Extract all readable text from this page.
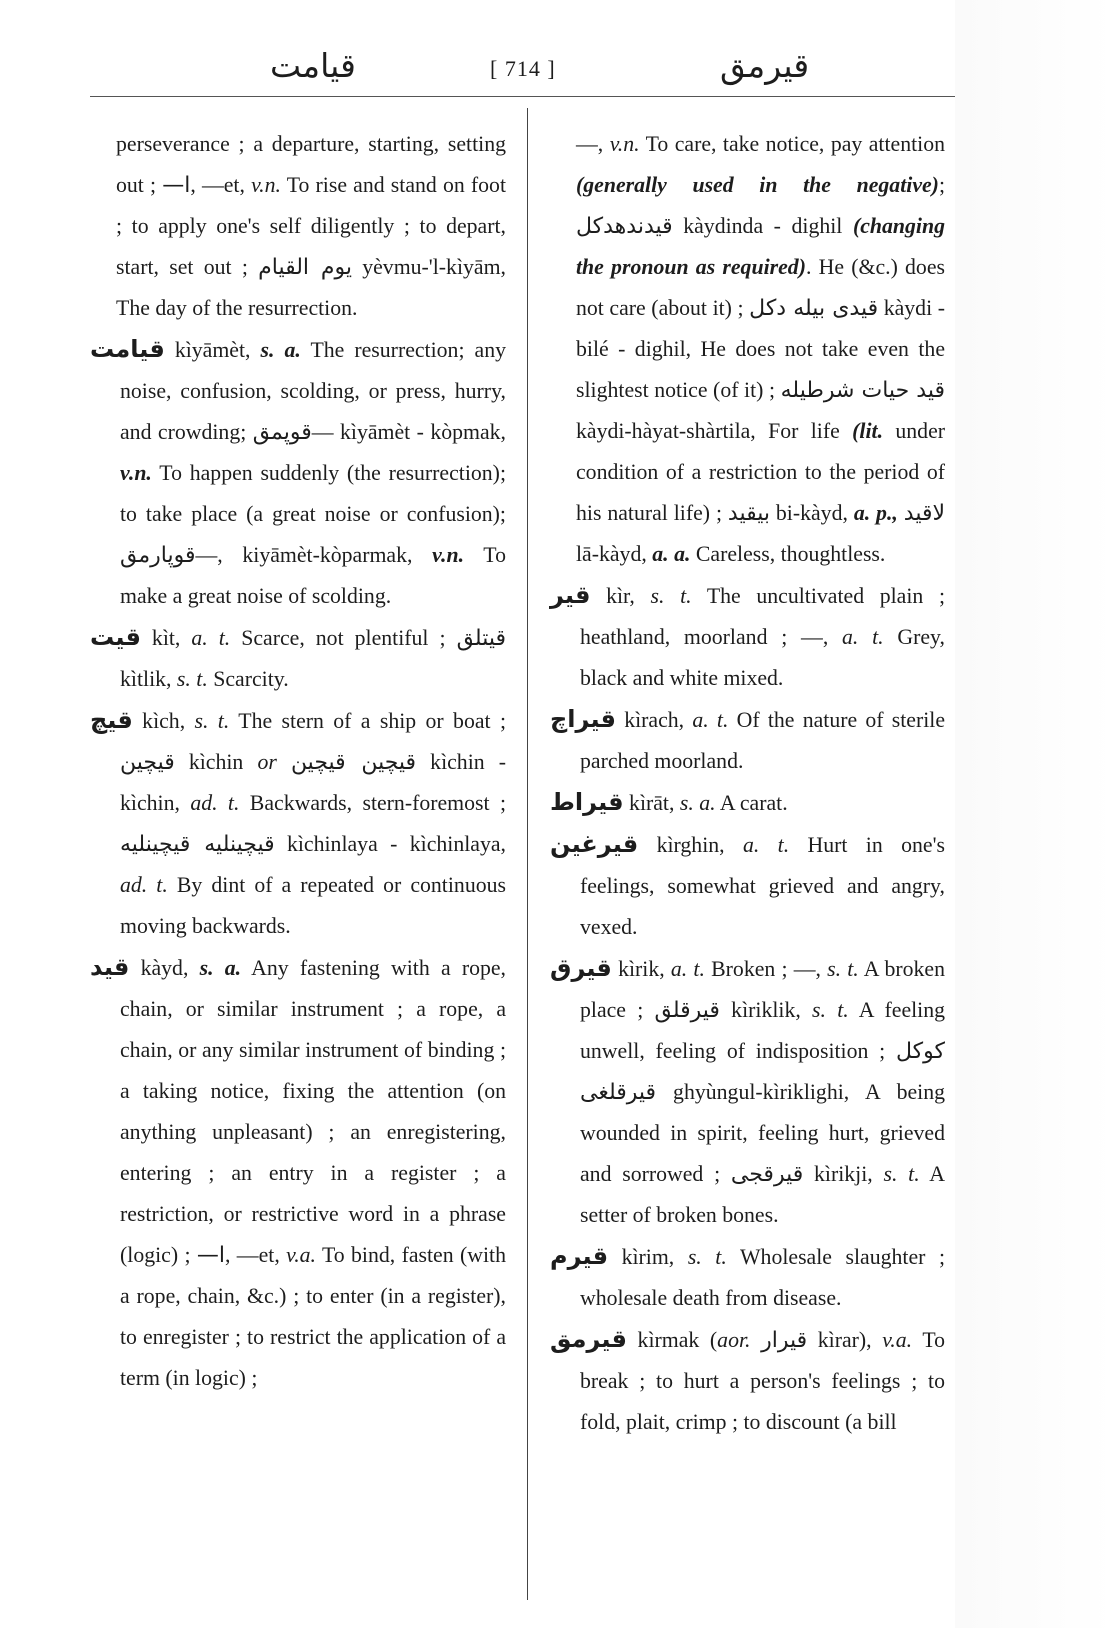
قيامت	[ 714 ]	قيرمق

perseverance ; a departure, starting, setting out ; ا—, —et, v.n. To rise and stand on foot ; to apply one's self diligently ; to depart, start, set out ; يوم القيام yèvmu-'l-kìyām, The day of the resurrection.

قيامت kìyāmèt, s. a. The resurrection; any noise, confusion, scolding, or press, hurry, and crowding; قوپمق— kìyāmèt - kòpmak, v.n. To happen suddenly (the resurrection); to take place (a great noise or confusion); قوپارمق—, kiyāmèt-kòparmak, v.n. To make a great noise of scolding.

قيت kìt, a. t. Scarce, not plentiful ; قيتلق kìtlik, s. t. Scarcity.

قيچ kìch, s. t. The stern of a ship or boat ; قيچين kìchin or قيچين قيچين kìchin - kìchin, ad. t. Backwards, stern-foremost ; قيچينليه قيچينليه kìchinlaya - kìchinlaya, ad. t. By dint of a repeated or continuous moving backwards.

قيد kàyd, s. a. Any fastening with a rope, chain, or similar instrument ; a rope, a chain, or any similar instrument of binding ; a taking notice, fixing the attention (on anything unpleasant) ; an enregistering, entering ; an entry in a register ; a restriction, or restrictive word in a phrase (logic) ; ا—, —et, v.a. To bind, fasten (with a rope, chain, &c.) ; to enter (in a register), to enregister ; to restrict the application of a term (in logic) ;

—, v.n. To care, take notice, pay attention (generally used in the negative); قيدندهدكل kàydinda - dighil (changing the pronoun as required). He (&c.) does not care (about it) ; قيدى بيله دكل kàydi - bilé - dighil, He does not take even the slightest notice (of it) ; قيد حيات شرطيله kàydi-hàyat-shàrtila, For life (lit. under condition of a restriction to the period of his natural life) ; بيقيد bi-kàyd, a. p., لاقيد lā-kàyd, a. a. Careless, thoughtless.

قير kìr, s. t. The uncultivated plain ; heathland, moorland ; —, a. t. Grey, black and white mixed.

قيراچ kìrach, a. t. Of the nature of sterile parched moorland.

قيراط kìrāt, s. a. A carat.

قيرغين kìrghin, a. t. Hurt in one's feelings, somewhat grieved and angry, vexed.

قيرق kìrik, a. t. Broken ; —, s. t. A broken place ; قيرقلق kìriklik, s. t. A feeling unwell, feeling of indisposition ; كوكل قيرقلغى ghyùngul-kìriklighi, A being wounded in spirit, feeling hurt, grieved and sorrowed ; قيرقجى kìrikji, s. t. A setter of broken bones.

قيرم kìrim, s. t. Wholesale slaughter ; wholesale death from disease.

قيرمق kìrmak (aor. قيرار kìrar), v.a. To break ; to hurt a person's feelings ; to fold, plait, crimp ; to discount (a bill
